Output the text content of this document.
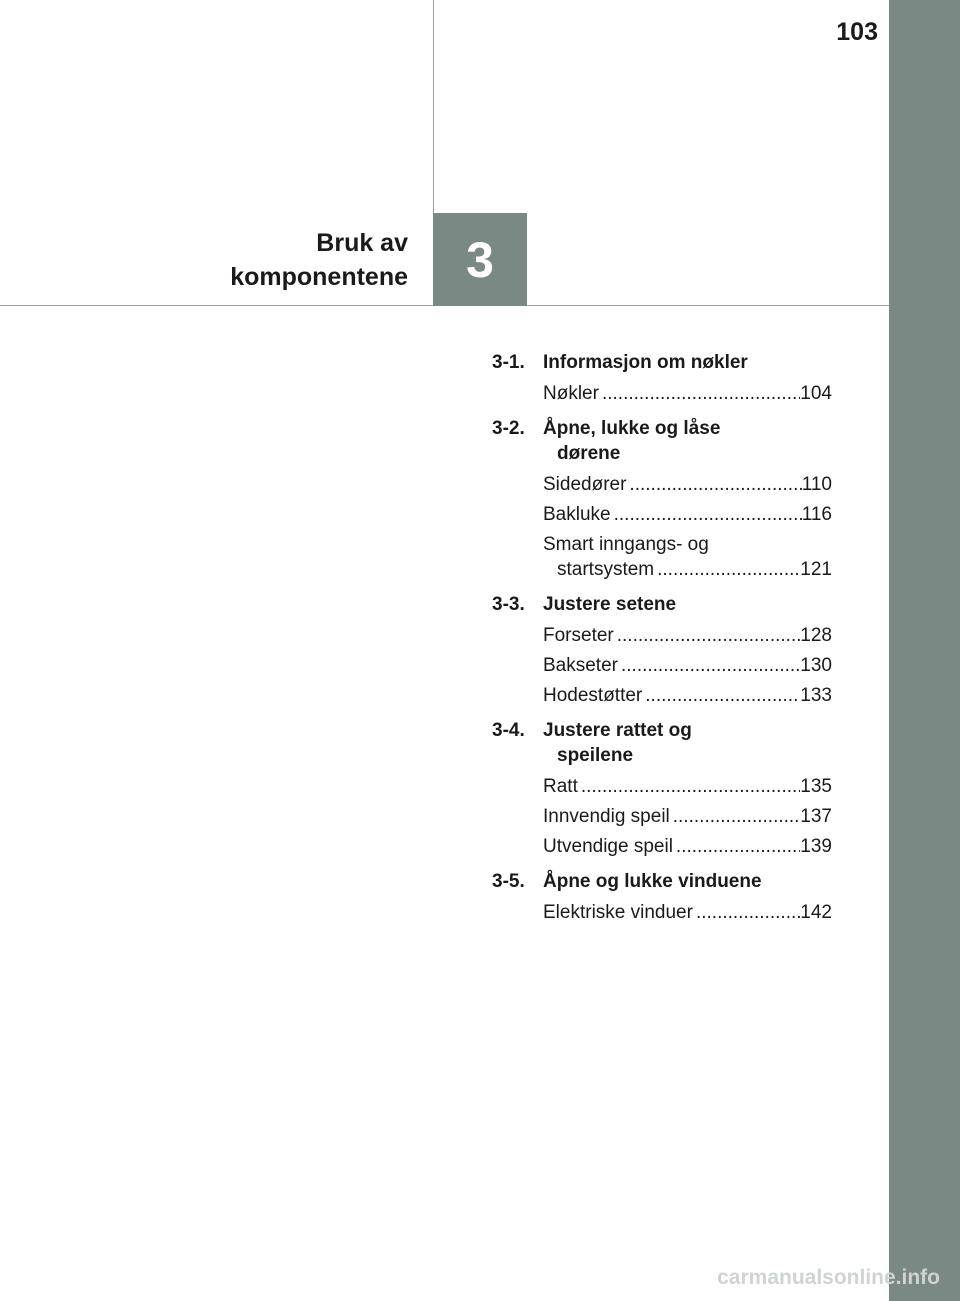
103
Bruk av
komponentene 3
3-1. Informasjon om nøkler
Nøkler .....	104
3-2. Åpne, lukke og låse
dørene
Sidedører .....	110
Bakluke .....	116
Smart inngangs- og
startsystem .....	121
3-3. Justere setene
Forseter .....	128
Bakseter .....	130
Hodestøtter .....	133
3-4. Justere rattet og
speilene
Ratt .....	135
Innvendig speil .....	137
Utvendige speil .....	139
3-5. Åpne og lukke vinduene
Elektriske vinduer .....	142
carmanualsonline.info
